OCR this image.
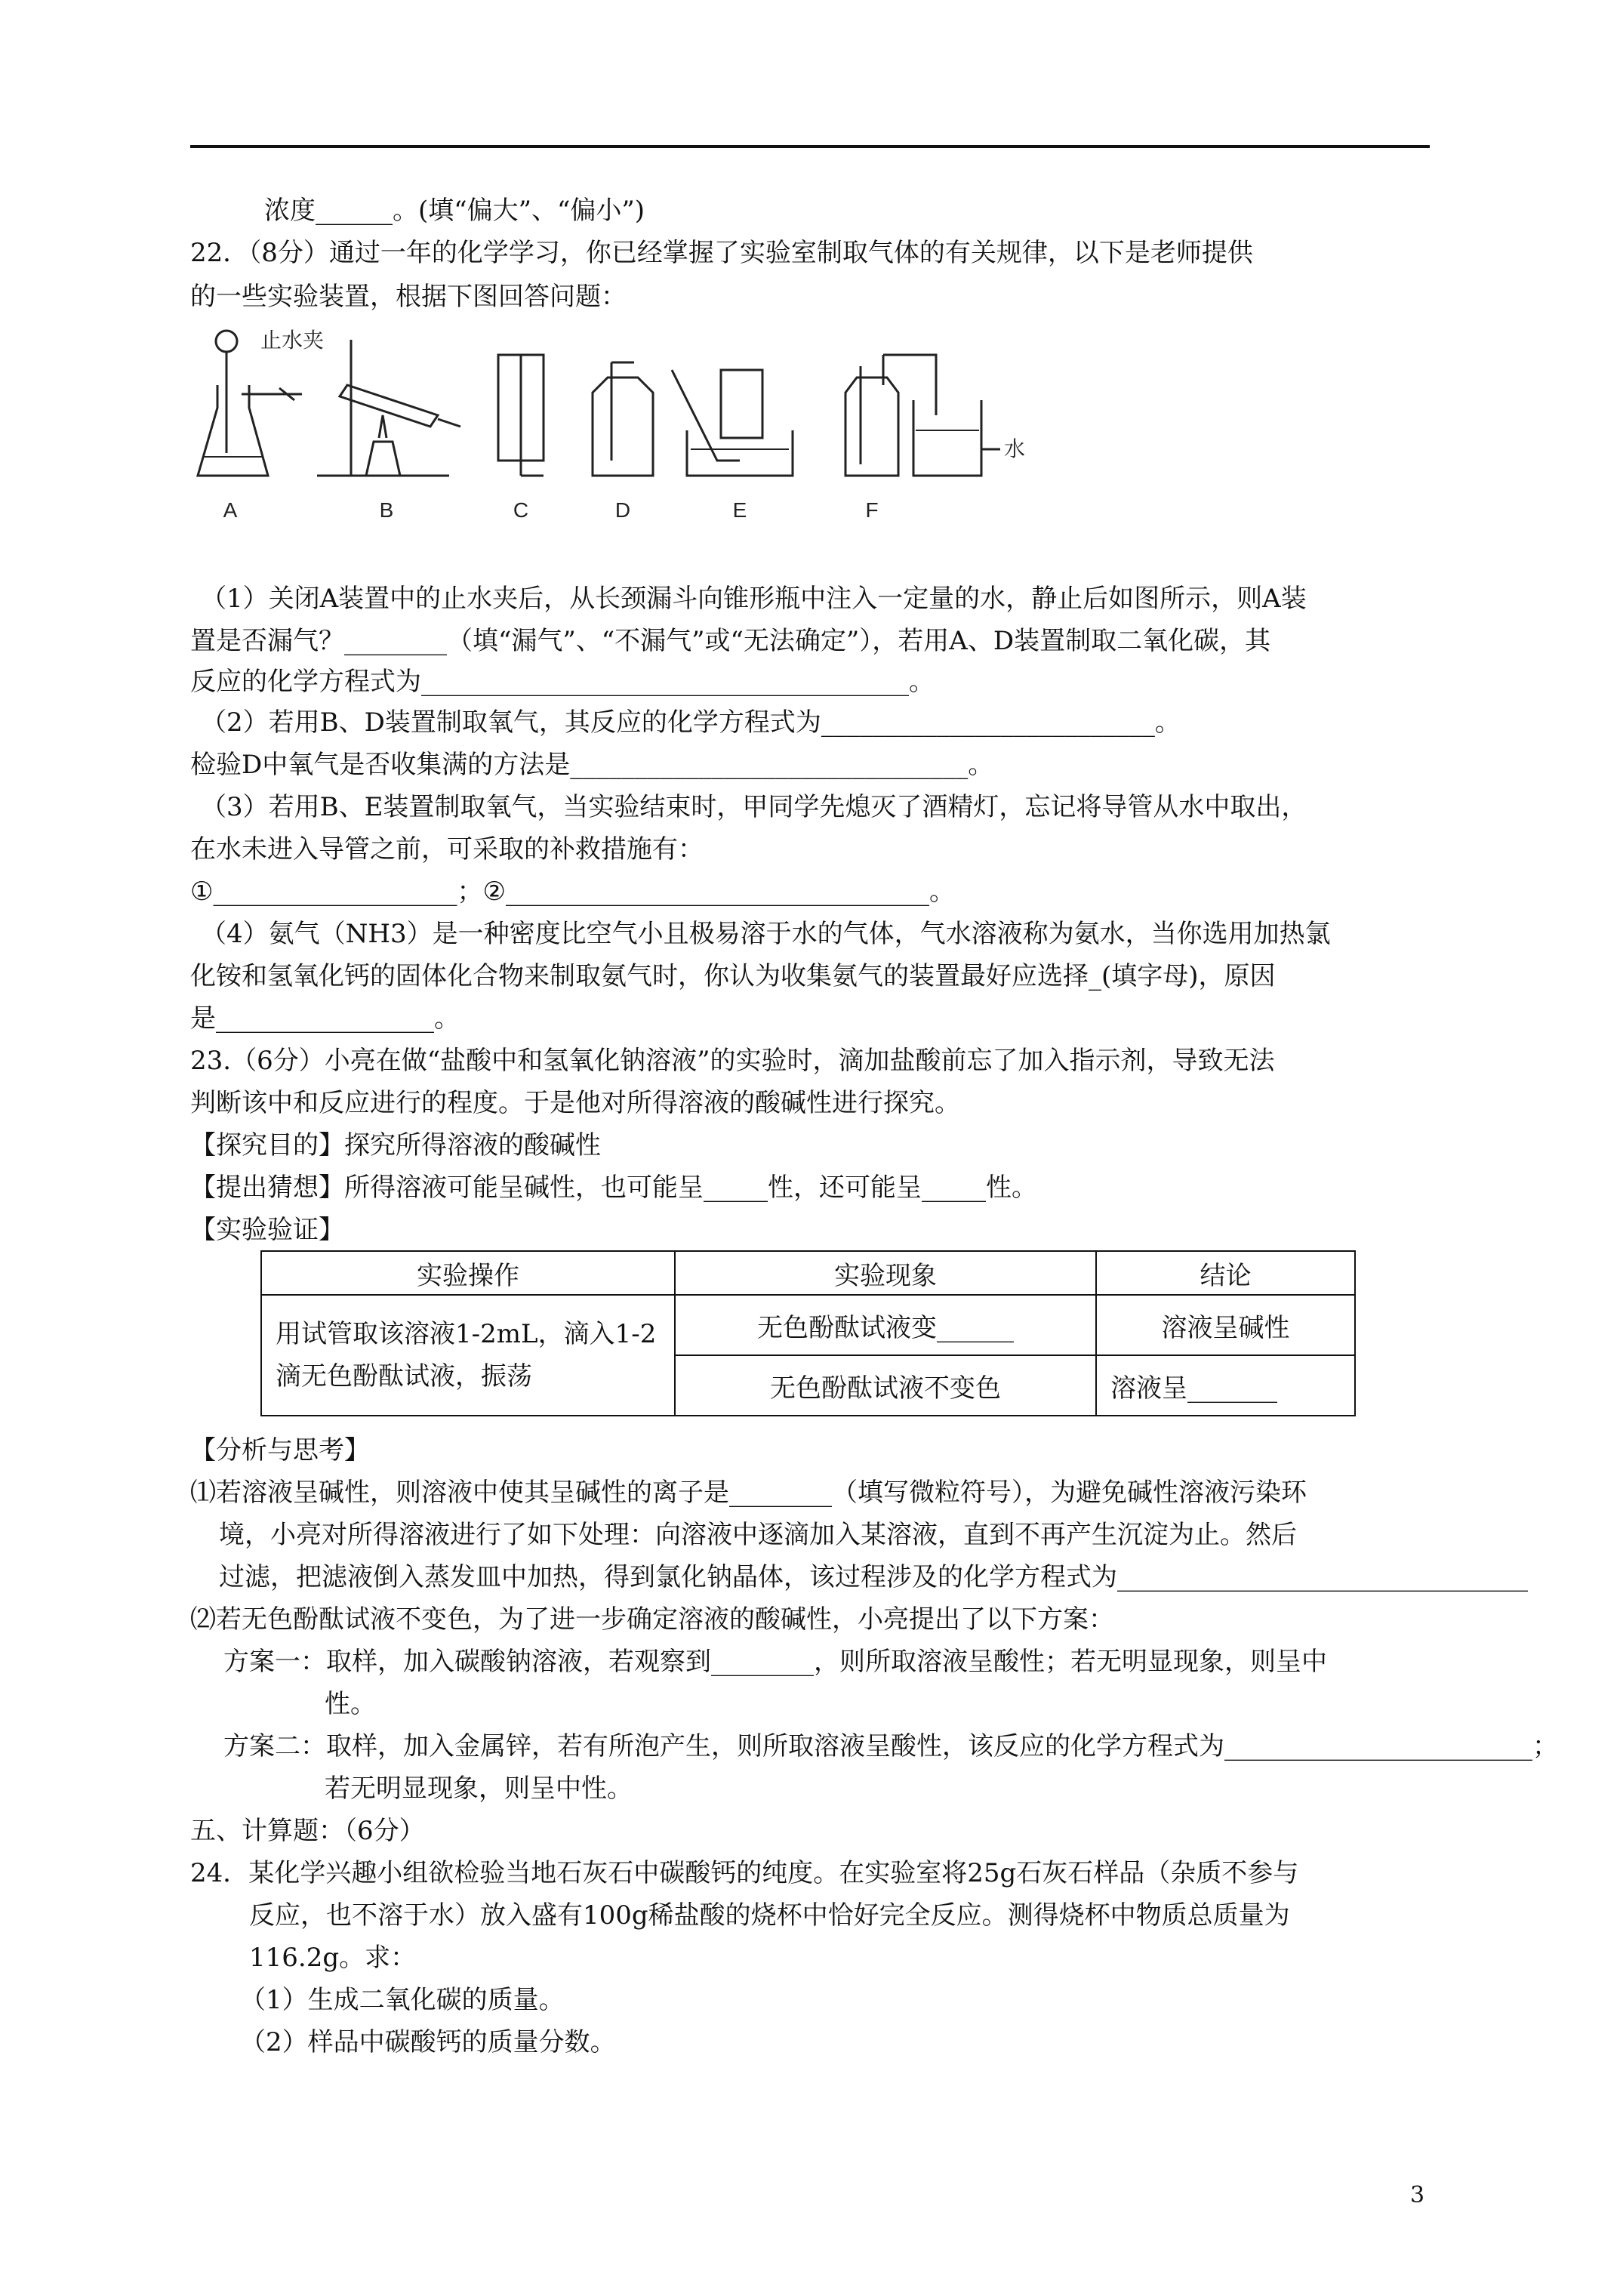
浓度______。(填“偏大”、“偏小”)
22．（8分）通过一年的化学学习，你已经掌握了实验室制取气体的有关规律，以下是老师提供
的一些实验装置，根据下图回答问题：
A	B	C	D	E	F
止水夹
水
（1）关闭A装置中的止水夹后，从长颈漏斗向锥形瓶中注入一定量的水，静止后如图所示，则A装
置是否漏气？________（填“漏气”、“不漏气”或“无法确定”），若用A、D装置制取二氧化碳，其
反应的化学方程式为______________________________________。
（2）若用B、D装置制取氧气，其反应的化学方程式为__________________________。
检验D中氧气是否收集满的方法是_______________________________。
（3）若用B、E装置制取氧气，当实验结束时，甲同学先熄灭了酒精灯，忘记将导管从水中取出，
在水未进入导管之前，可采取的补救措施有：
①___________________；②_________________________________。
（4）氨气（NH3）是一种密度比空气小且极易溶于水的气体，气水溶液称为氨水，当你选用加热氯
化铵和氢氧化钙的固体化合物来制取氨气时，你认为收集氨气的装置最好应选择_(填字母)，原因
是_________________。
23.（6分）小亮在做“盐酸中和氢氧化钠溶液”的实验时，滴加盐酸前忘了加入指示剂，导致无法
判断该中和反应进行的程度。于是他对所得溶液的酸碱性进行探究。
【探究目的】探究所得溶液的酸碱性
【提出猜想】所得溶液可能呈碱性，也可能呈_____性，还可能呈_____性。
【实验验证】
实验操作	实验现象	结论
用试管取该溶液1-2mL，滴入1-2滴无色酚酞试液，振荡	无色酚酞试液变______	溶液呈碱性
	无色酚酞试液不变色	溶液呈_______
【分析与思考】
⑴若溶液呈碱性，则溶液中使其呈碱性的离子是________（填写微粒符号），为避免碱性溶液污染环
境，小亮对所得溶液进行了如下处理：向溶液中逐滴加入某溶液，直到不再产生沉淀为止。然后
过滤，把滤液倒入蒸发皿中加热，得到氯化钠晶体，该过程涉及的化学方程式为________________________________
⑵若无色酚酞试液不变色，为了进一步确定溶液的酸碱性，小亮提出了以下方案：
方案一：取样，加入碳酸钠溶液，若观察到________，则所取溶液呈酸性；若无明显现象，则呈中
性。
方案二：取样，加入金属锌，若有所泡产生，则所取溶液呈酸性，该反应的化学方程式为________________________；
若无明显现象，则呈中性。
五、计算题：（6分）
24．某化学兴趣小组欲检验当地石灰石中碳酸钙的纯度。在实验室将25g石灰石样品（杂质不参与
反应，也不溶于水）放入盛有100g稀盐酸的烧杯中恰好完全反应。测得烧杯中物质总质量为
116.2g。求：
（1）生成二氧化碳的质量。
（2）样品中碳酸钙的质量分数。
3
